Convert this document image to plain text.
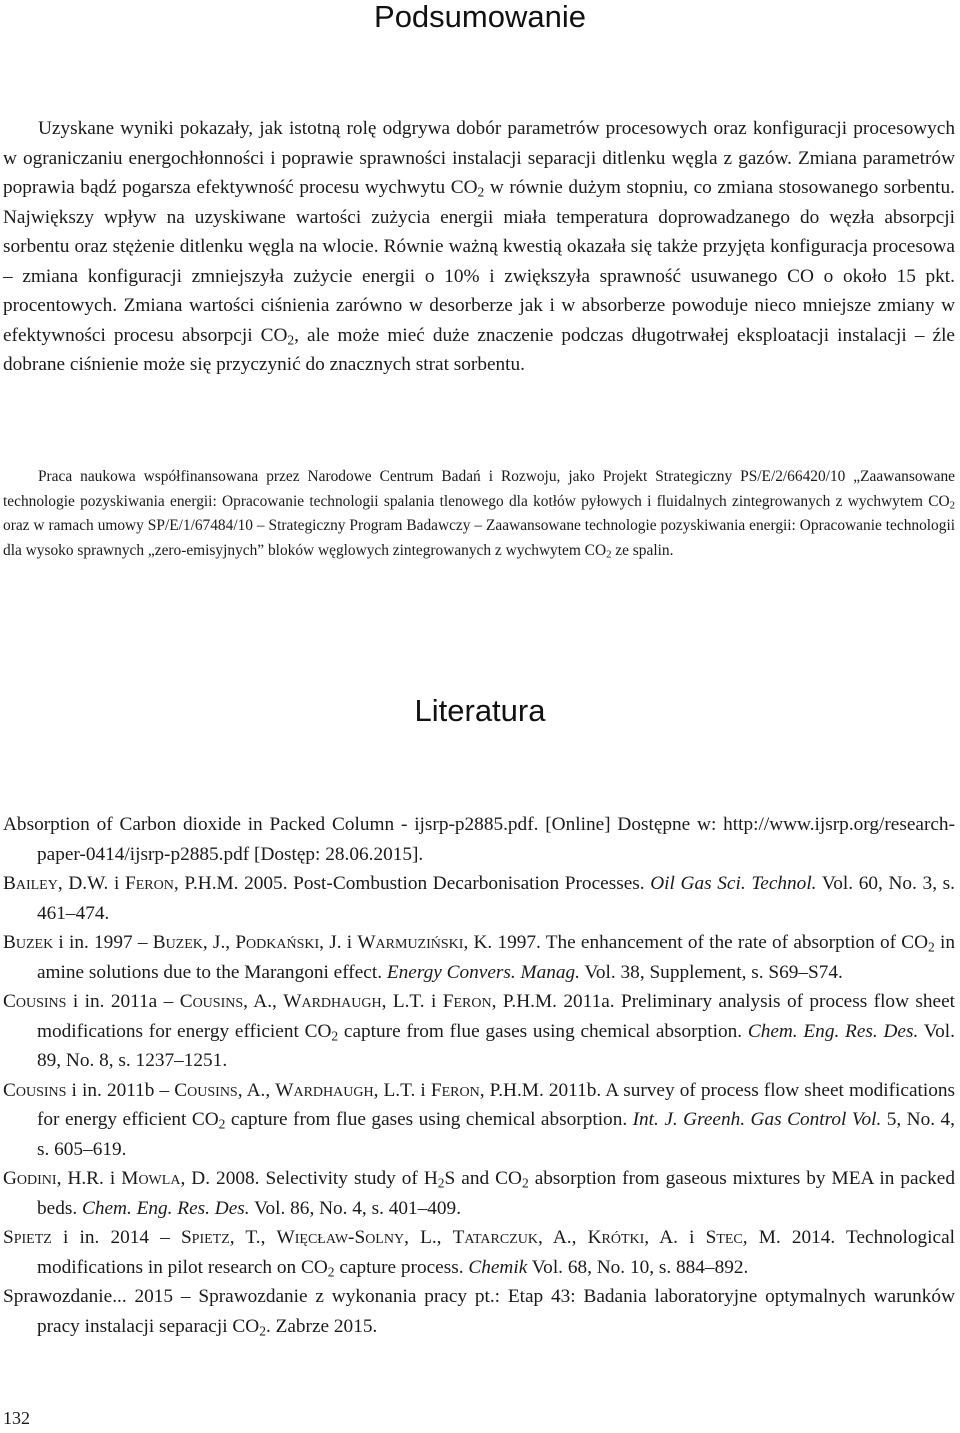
Podsumowanie

Uzyskane wyniki pokazały, jak istotną rolę odgrywa dobór parametrów procesowych oraz konfiguracji procesowych w ograniczaniu energochłonności i poprawie sprawności instalacji separacji ditlenku węgla z gazów. Zmiana parametrów poprawia bądź pogarsza efektywność procesu wychwytu $CO_2$ w równie dużym stopniu, co zmiana stosowanego sorbentu. Największy wpływ na uzyskiwane wartości zużycia energii miała temperatura doprowadzanego do węzła absorpcji sorbentu oraz stężenie ditlenku węgla na wlocie. Równie ważną kwestią okazała się także przyjęta konfiguracja procesowa – zmiana konfiguracji zmniejszyła zużycie energii o 10% i zwiększyła sprawność usuwanego CO o około 15 pkt. procentowych. Zmiana wartości ciśnienia zarówno w desorberze jak i w absorberze powoduje nieco mniejsze zmiany w efektywności procesu absorpcji $CO_2$, ale może mieć duże znaczenie podczas długotrwałej eksploatacji instalacji – źle dobrane ciśnienie może się przyczynić do znacznych strat sorbentu.

Praca naukowa współfinansowana przez Narodowe Centrum Badań i Rozwoju, jako Projekt Strategiczny PS/E/2/66420/10 „Zaawansowane technologie pozyskiwania energii: Opracowanie technologii spalania tlenowego dla kotłów pyłowych i fluidalnych zintegrowanych z wychwytem $CO_2$ oraz w ramach umowy SP/E/1/67484/10 – Strategiczny Program Badawczy – Zaawansowane technologie pozyskiwania energii: Opracowanie technologii dla wysoko sprawnych „zero-emisyjnych” bloków węglowych zintegrowanych z wychwytem $CO_2$ ze spalin.

Literatura
Absorption of Carbon dioxide in Packed Column - ijsrp-p2885.pdf. [Online] Dostępne w: http://www.ijsrp.org/research-paper-0414/ijsrp-p2885.pdf [Dostęp: 28.06.2015].
Bailey, D.W. i Feron, P.H.M. 2005. Post-Combustion Decarbonisation Processes. Oil Gas Sci. Technol. Vol. 60, No. 3, s. 461–474.
Buzek i in. 1997 – Buzek, J., Podkański, J. i Warmuziński, K. 1997. The enhancement of the rate of absorption of $CO_2$ in amine solutions due to the Marangoni effect. Energy Convers. Manag. Vol. 38, Supplement, s. S69–S74.
Cousins i in. 2011a – Cousins, A., Wardhaugh, L.T. i Feron, P.H.M. 2011a. Preliminary analysis of process flow sheet modifications for energy efficient $CO_2$ capture from flue gases using chemical absorption. Chem. Eng. Res. Des. Vol. 89, No. 8, s. 1237–1251.
Cousins i in. 2011b – Cousins, A., Wardhaugh, L.T. i Feron, P.H.M. 2011b. A survey of process flow sheet modifications for energy efficient $CO_2$ capture from flue gases using chemical absorption. Int. J. Greenh. Gas Control Vol. 5, No. 4, s. 605–619.
Godini, H.R. i Mowla, D. 2008. Selectivity study of $H_2S$ and $CO_2$ absorption from gaseous mixtures by MEA in packed beds. Chem. Eng. Res. Des. Vol. 86, No. 4, s. 401–409.
Spietz i in. 2014 – Spietz, T., Więcław-Solny, L., Tatarczuk, A., Krótki, A. i Stec, M. 2014. Technological modifications in pilot research on $CO_2$ capture process. Chemik Vol. 68, No. 10, s. 884–892.
Sprawozdanie... 2015 – Sprawozdanie z wykonania pracy pt.: Etap 43: Badania laboratoryjne optymalnych warunków pracy instalacji separacji $CO_2$. Zabrze 2015.
132
